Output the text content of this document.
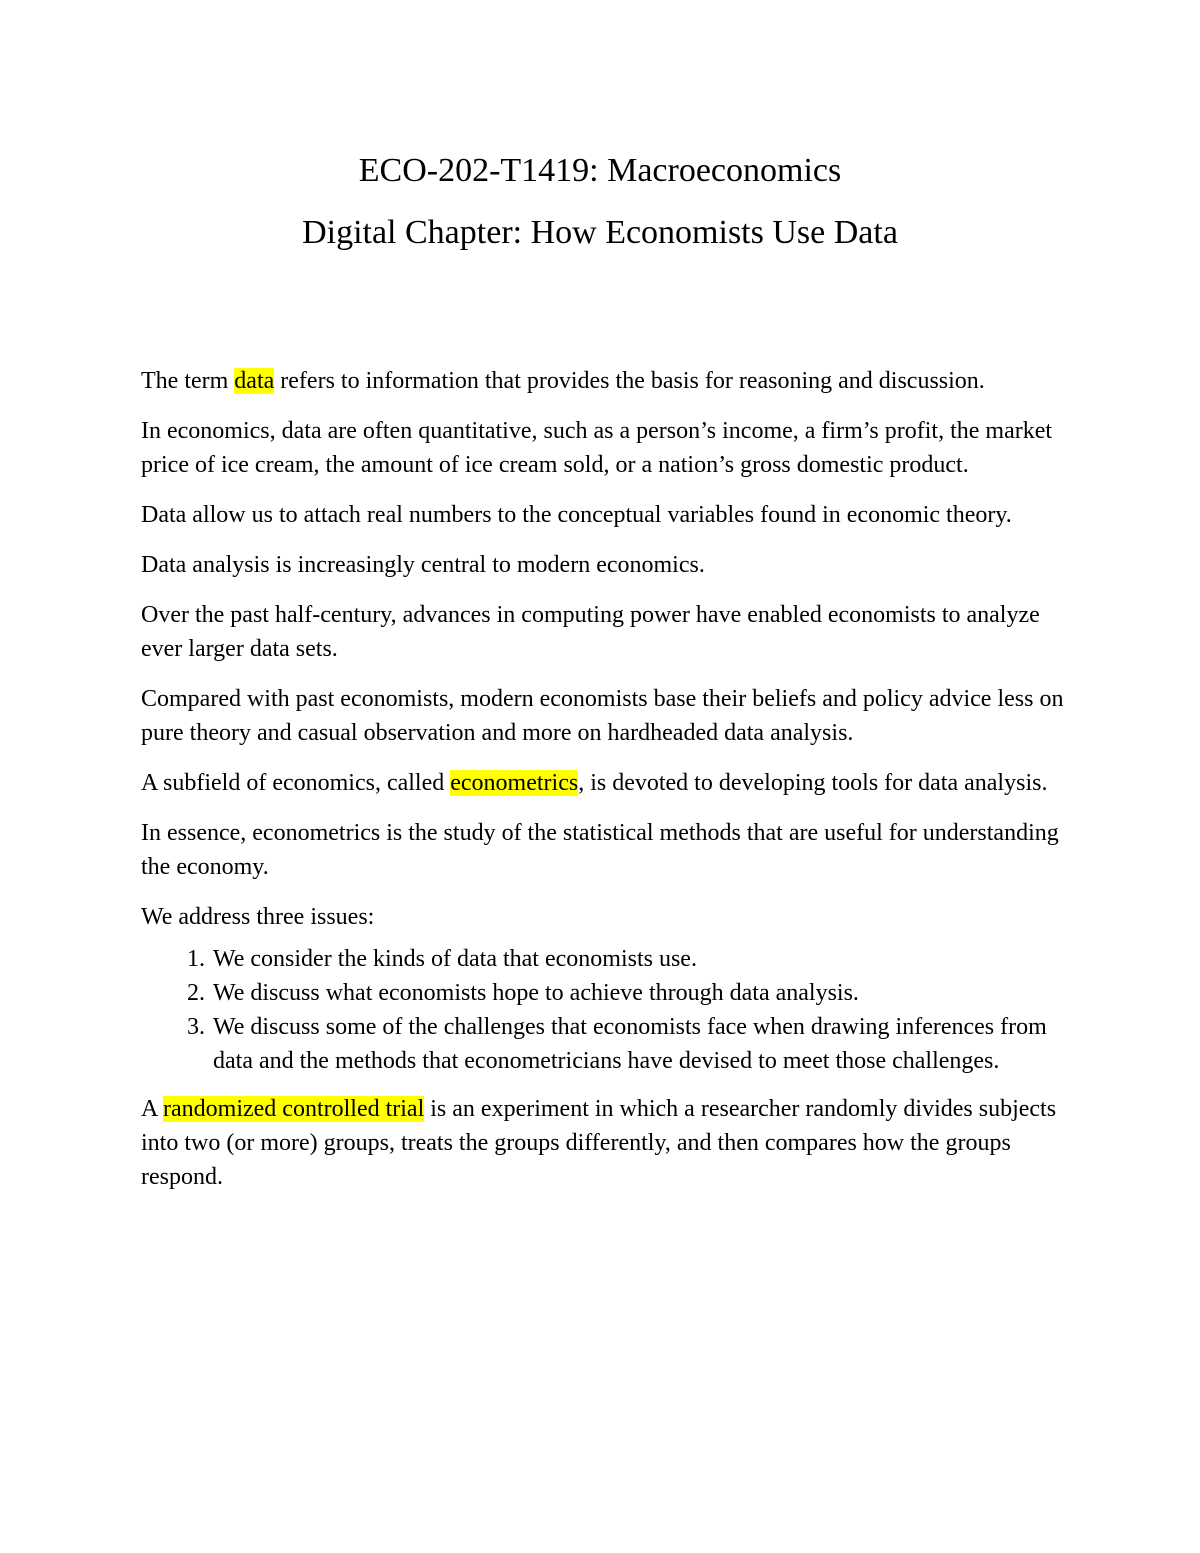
ECO-202-T1419: Macroeconomics
Digital Chapter: How Economists Use Data

The term data refers to information that provides the basis for reasoning and discussion.

In economics, data are often quantitative, such as a person’s income, a firm’s profit, the market price of ice cream, the amount of ice cream sold, or a nation’s gross domestic product.

Data allow us to attach real numbers to the conceptual variables found in economic theory.

Data analysis is increasingly central to modern economics.

Over the past half-century, advances in computing power have enabled economists to analyze ever larger data sets.

Compared with past economists, modern economists base their beliefs and policy advice less on pure theory and casual observation and more on hardheaded data analysis.

A subfield of economics, called econometrics, is devoted to developing tools for data analysis.

In essence, econometrics is the study of the statistical methods that are useful for understanding the economy.

We address three issues:

1. We consider the kinds of data that economists use.
2. We discuss what economists hope to achieve through data analysis.
3. We discuss some of the challenges that economists face when drawing inferences from data and the methods that econometricians have devised to meet those challenges.

A randomized controlled trial is an experiment in which a researcher randomly divides subjects into two (or more) groups, treats the groups differently, and then compares how the groups respond.
